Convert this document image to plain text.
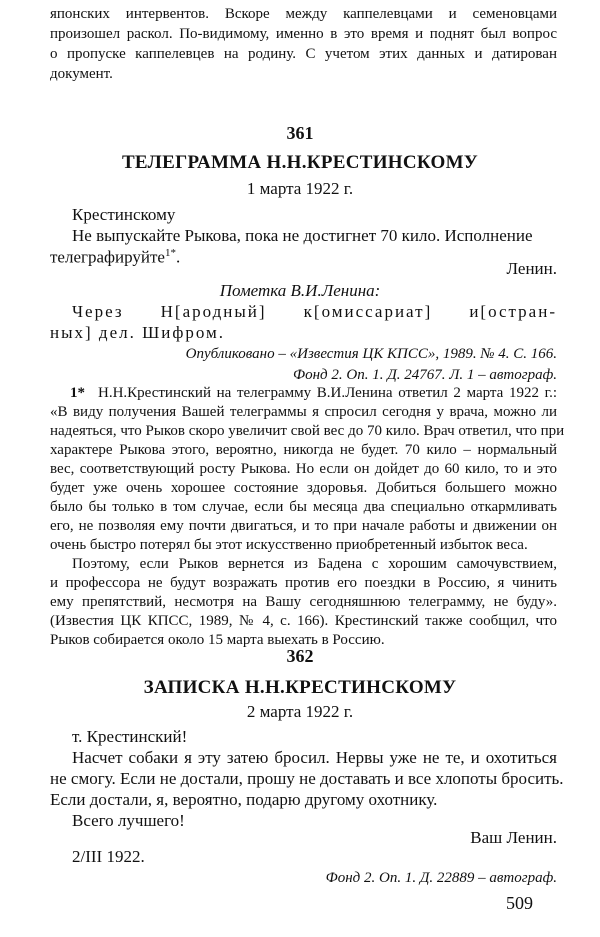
японских интервентов. Вскоре между каппелевцами и семеновцами
произошел раскол. По-видимому, именно в это время и поднят был вопрос
о пропуске каппелевцев на родину. С учетом этих данных и датирован
документ.
361
ТЕЛЕГРАММА Н.Н.КРЕСТИНСКОМУ
1 марта 1922 г.
Крестинскому
Не выпускайте Рыкова, пока не достигнет 70 кило. Исполнение
телеграфируйте$^{1*}$.
Ленин.
Пометка В.И.Ленина:
Через Н[ародный] к[омиссариат] и[остран-
ных] дел. Шифром.
Опубликовано – «Известия ЦК КПСС», 1989. № 4. С. 166.
Фонд 2. Оп. 1. Д. 24767. Л. 1 – автограф.
1* Н.Н.Крестинский на телеграмму В.И.Ленина ответил 2 марта 1922 г.:
«В виду получения Вашей телеграммы я спросил сегодня у врача, можно ли
надеяться, что Рыков скоро увеличит свой вес до 70 кило. Врач ответил, что при
характере Рыкова этого, вероятно, никогда не будет. 70 кило – нормальный
вес, соответствующий росту Рыкова. Но если он дойдет до 60 кило, то и это
будет уже очень хорошее состояние здоровья. Добиться большего можно
было бы только в том случае, если бы месяца два специально откармливать
его, не позволяя ему почти двигаться, и то при начале работы и движении он
очень быстро потерял бы этот искусственно приобретенный избыток веса.
Поэтому, если Рыков вернется из Бадена с хорошим самочувствием,
и профессора не будут возражать против его поездки в Россию, я чинить
ему препятствий, несмотря на Вашу сегодняшнюю телеграмму, не буду».
(Известия ЦК КПСС, 1989, № 4, с. 166). Крестинский также сообщил, что
Рыков собирается около 15 марта выехать в Россию.
362
ЗАПИСКА Н.Н.КРЕСТИНСКОМУ
2 марта 1922 г.
т. Крестинский!
Насчет собаки я эту затею бросил. Нервы уже не те, и охотиться
не смогу. Если не достали, прошу не доставать и все хлопоты бросить.
Если достали, я, вероятно, подарю другому охотнику.
Всего лучшего!
Ваш Ленин.
2/III 1922.
Фонд 2. Оп. 1. Д. 22889 – автограф.
509
